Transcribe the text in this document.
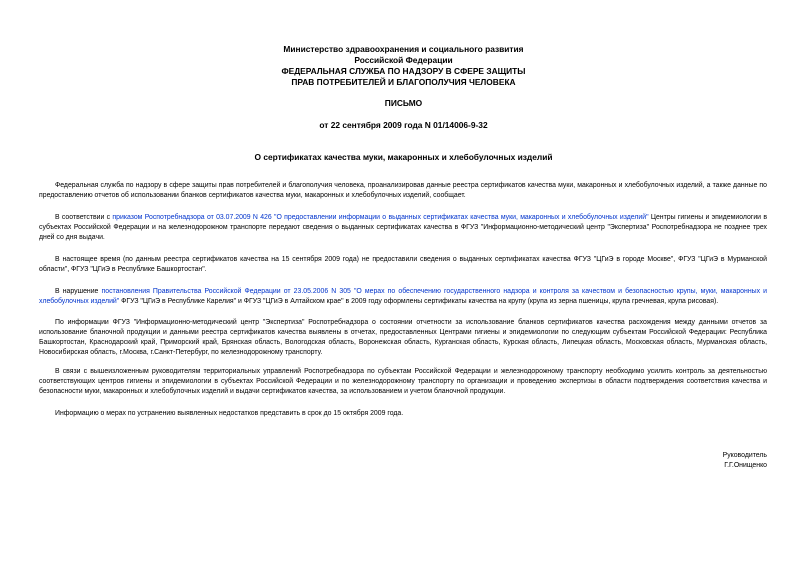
Министерство здравоохранения и социального развития
Российской Федерации
ФЕДЕРАЛЬНАЯ СЛУЖБА ПО НАДЗОРУ В СФЕРЕ ЗАЩИТЫ
ПРАВ ПОТРЕБИТЕЛЕЙ И БЛАГОПОЛУЧИЯ ЧЕЛОВЕКА
ПИСЬМО
от 22 сентября 2009 года N 01/14006-9-32
О сертификатах качества муки, макаронных и хлебобулочных изделий

Федеральная служба по надзору в сфере защиты прав потребителей и благополучия человека, проанализировав данные реестра сертификатов качества муки, макаронных и хлебобулочных изделий, а также данные по предоставлению отчетов об использовании бланков сертификатов качества муки, макаронных и хлебобулочных изделий, сообщает.

В соответствии с приказом Роспотребнадзора от 03.07.2009 N 426 "О предоставлении информации о выданных сертификатах качества муки, макаронных и хлебобулочных изделий" Центры гигиены и эпидемиологии в субъектах Российской Федерации и на железнодорожном транспорте передают сведения о выданных сертификатах качества в ФГУЗ "Информационно-методический центр "Экспертиза" Роспотребнадзора не позднее трех дней со дня выдачи.

В настоящее время (по данным реестра сертификатов качества на 15 сентября 2009 года) не предоставили сведения о выданных сертификатах качества ФГУЗ "ЦГиЭ в городе Москве", ФГУЗ "ЦГиЭ в Мурманской области", ФГУЗ "ЦГиЭ в Республике Башкортостан".

В нарушение постановления Правительства Российской Федерации от 23.05.2006 N 305 "О мерах по обеспечению государственного надзора и контроля за качеством и безопасностью крупы, муки, макаронных и хлебобулочных изделий" ФГУЗ "ЦГиЭ в Республике Карелия" и ФГУЗ "ЦГиЭ в Алтайском крае" в 2009 году оформлены сертификаты качества на крупу (крупа из зерна пшеницы, крупа гречневая, крупа рисовая).

По информации ФГУЗ "Информационно-методический центр "Экспертиза" Роспотребнадзора о состоянии отчетности за использование бланков сертификатов качества расхождения между данными отчетов за использование бланочной продукции и данными реестра сертификатов качества выявлены в отчетах, предоставленных Центрами гигиены и эпидемиологии по следующим субъектам Российской Федерации: Республика Башкортостан, Краснодарский край, Приморский край, Брянская область, Вологодская область, Воронежская область, Курганская область, Курская область, Липецкая область, Московская область, Мурманская область, Новосибирская область, г.Москва, г.Санкт-Петербург, по железнодорожному транспорту.

В связи с вышеизложенным руководителям территориальных управлений Роспотребнадзора по субъектам Российской Федерации и железнодорожному транспорту необходимо усилить контроль за деятельностью соответствующих центров гигиены и эпидемиологии в субъектах Российской Федерации и по железнодорожному транспорту по организации и проведению экспертизы в области подтверждения соответствия качества и безопасности муки, макаронных и хлебобулочных изделий и выдачи сертификатов качества, за использованием и учетом бланочной продукции.

Информацию о мерах по устранению выявленных недостатков представить в срок до 15 октября 2009 года.

Руководитель
Г.Г.Онищенко
